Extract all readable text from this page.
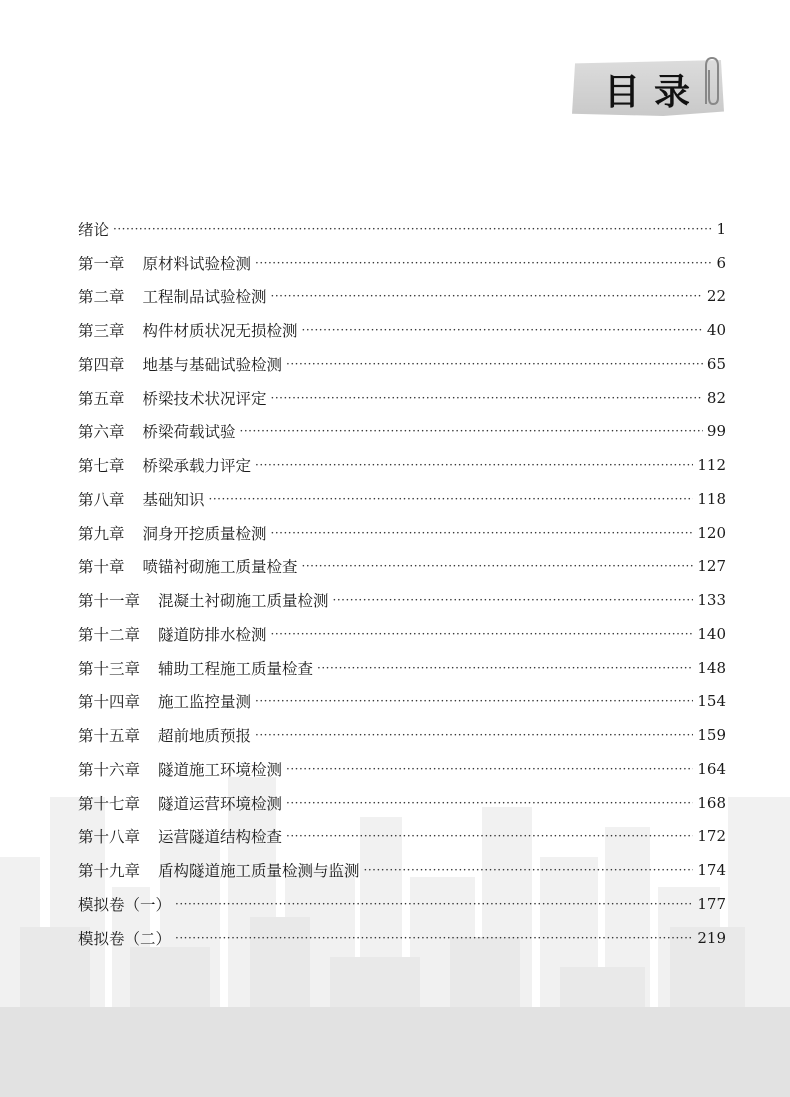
目录
绪论 ·····	1
第一章 原材料试验检测 ·····	6
第二章 工程制品试验检测 ·····	22
第三章 构件材质状况无损检测 ·····	40
第四章 地基与基础试验检测 ·····	65
第五章 桥梁技术状况评定 ·····	82
第六章 桥梁荷载试验 ·····	99
第七章 桥梁承载力评定 ·····	112
第八章 基础知识 ·····	118
第九章 洞身开挖质量检测 ·····	120
第十章 喷锚衬砌施工质量检查 ·····	127
第十一章 混凝土衬砌施工质量检测 ·····	133
第十二章 隧道防排水检测 ·····	140
第十三章 辅助工程施工质量检查 ·····	148
第十四章 施工监控量测 ·····	154
第十五章 超前地质预报 ·····	159
第十六章 隧道施工环境检测 ·····	164
第十七章 隧道运营环境检测 ·····	168
第十八章 运营隧道结构检查 ·····	172
第十九章 盾构隧道施工质量检测与监测 ·····	174
模拟卷（一） ·····	177
模拟卷（二） ·····	219
